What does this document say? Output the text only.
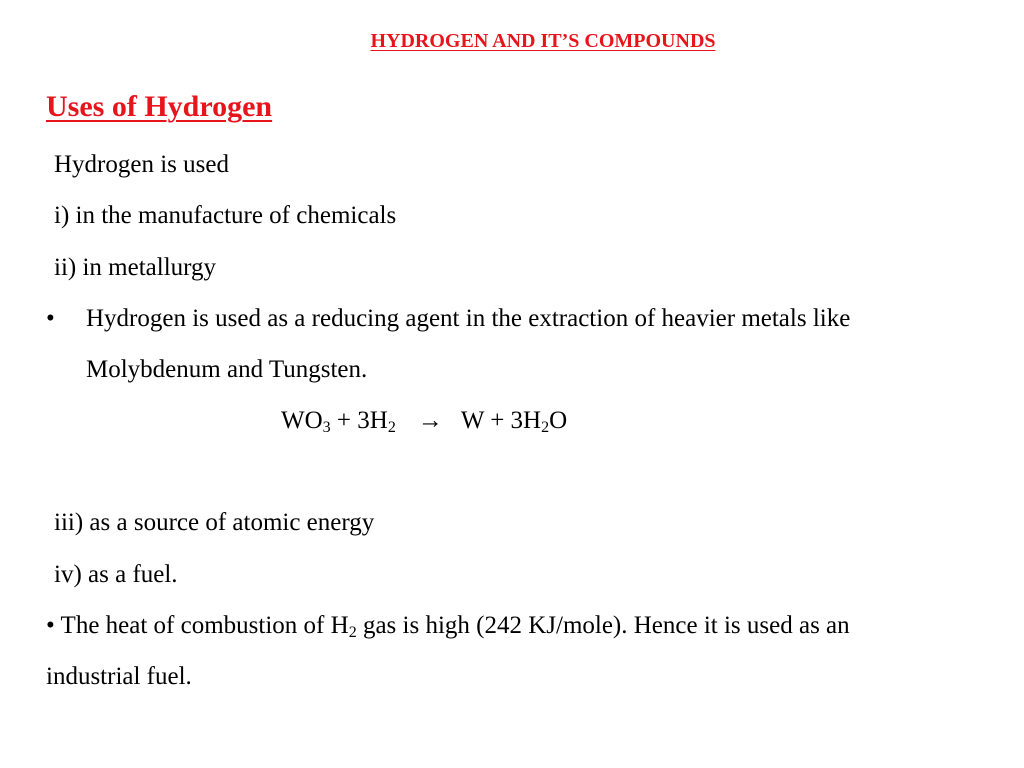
HYDROGEN AND IT’S COMPOUNDS
Uses of Hydrogen
Hydrogen is used
i) in the manufacture of chemicals
ii) in metallurgy
• Hydrogen is used as a reducing agent in the extraction of heavier metals like
Molybdenum and Tungsten.
$WO_3 + 3H_2 \to W + 3H_2O$
iii) as a source of atomic energy
iv) as a fuel.
• The heat of combustion of $H_2$ gas is high (242 KJ/mole). Hence it is used as an
industrial fuel.
